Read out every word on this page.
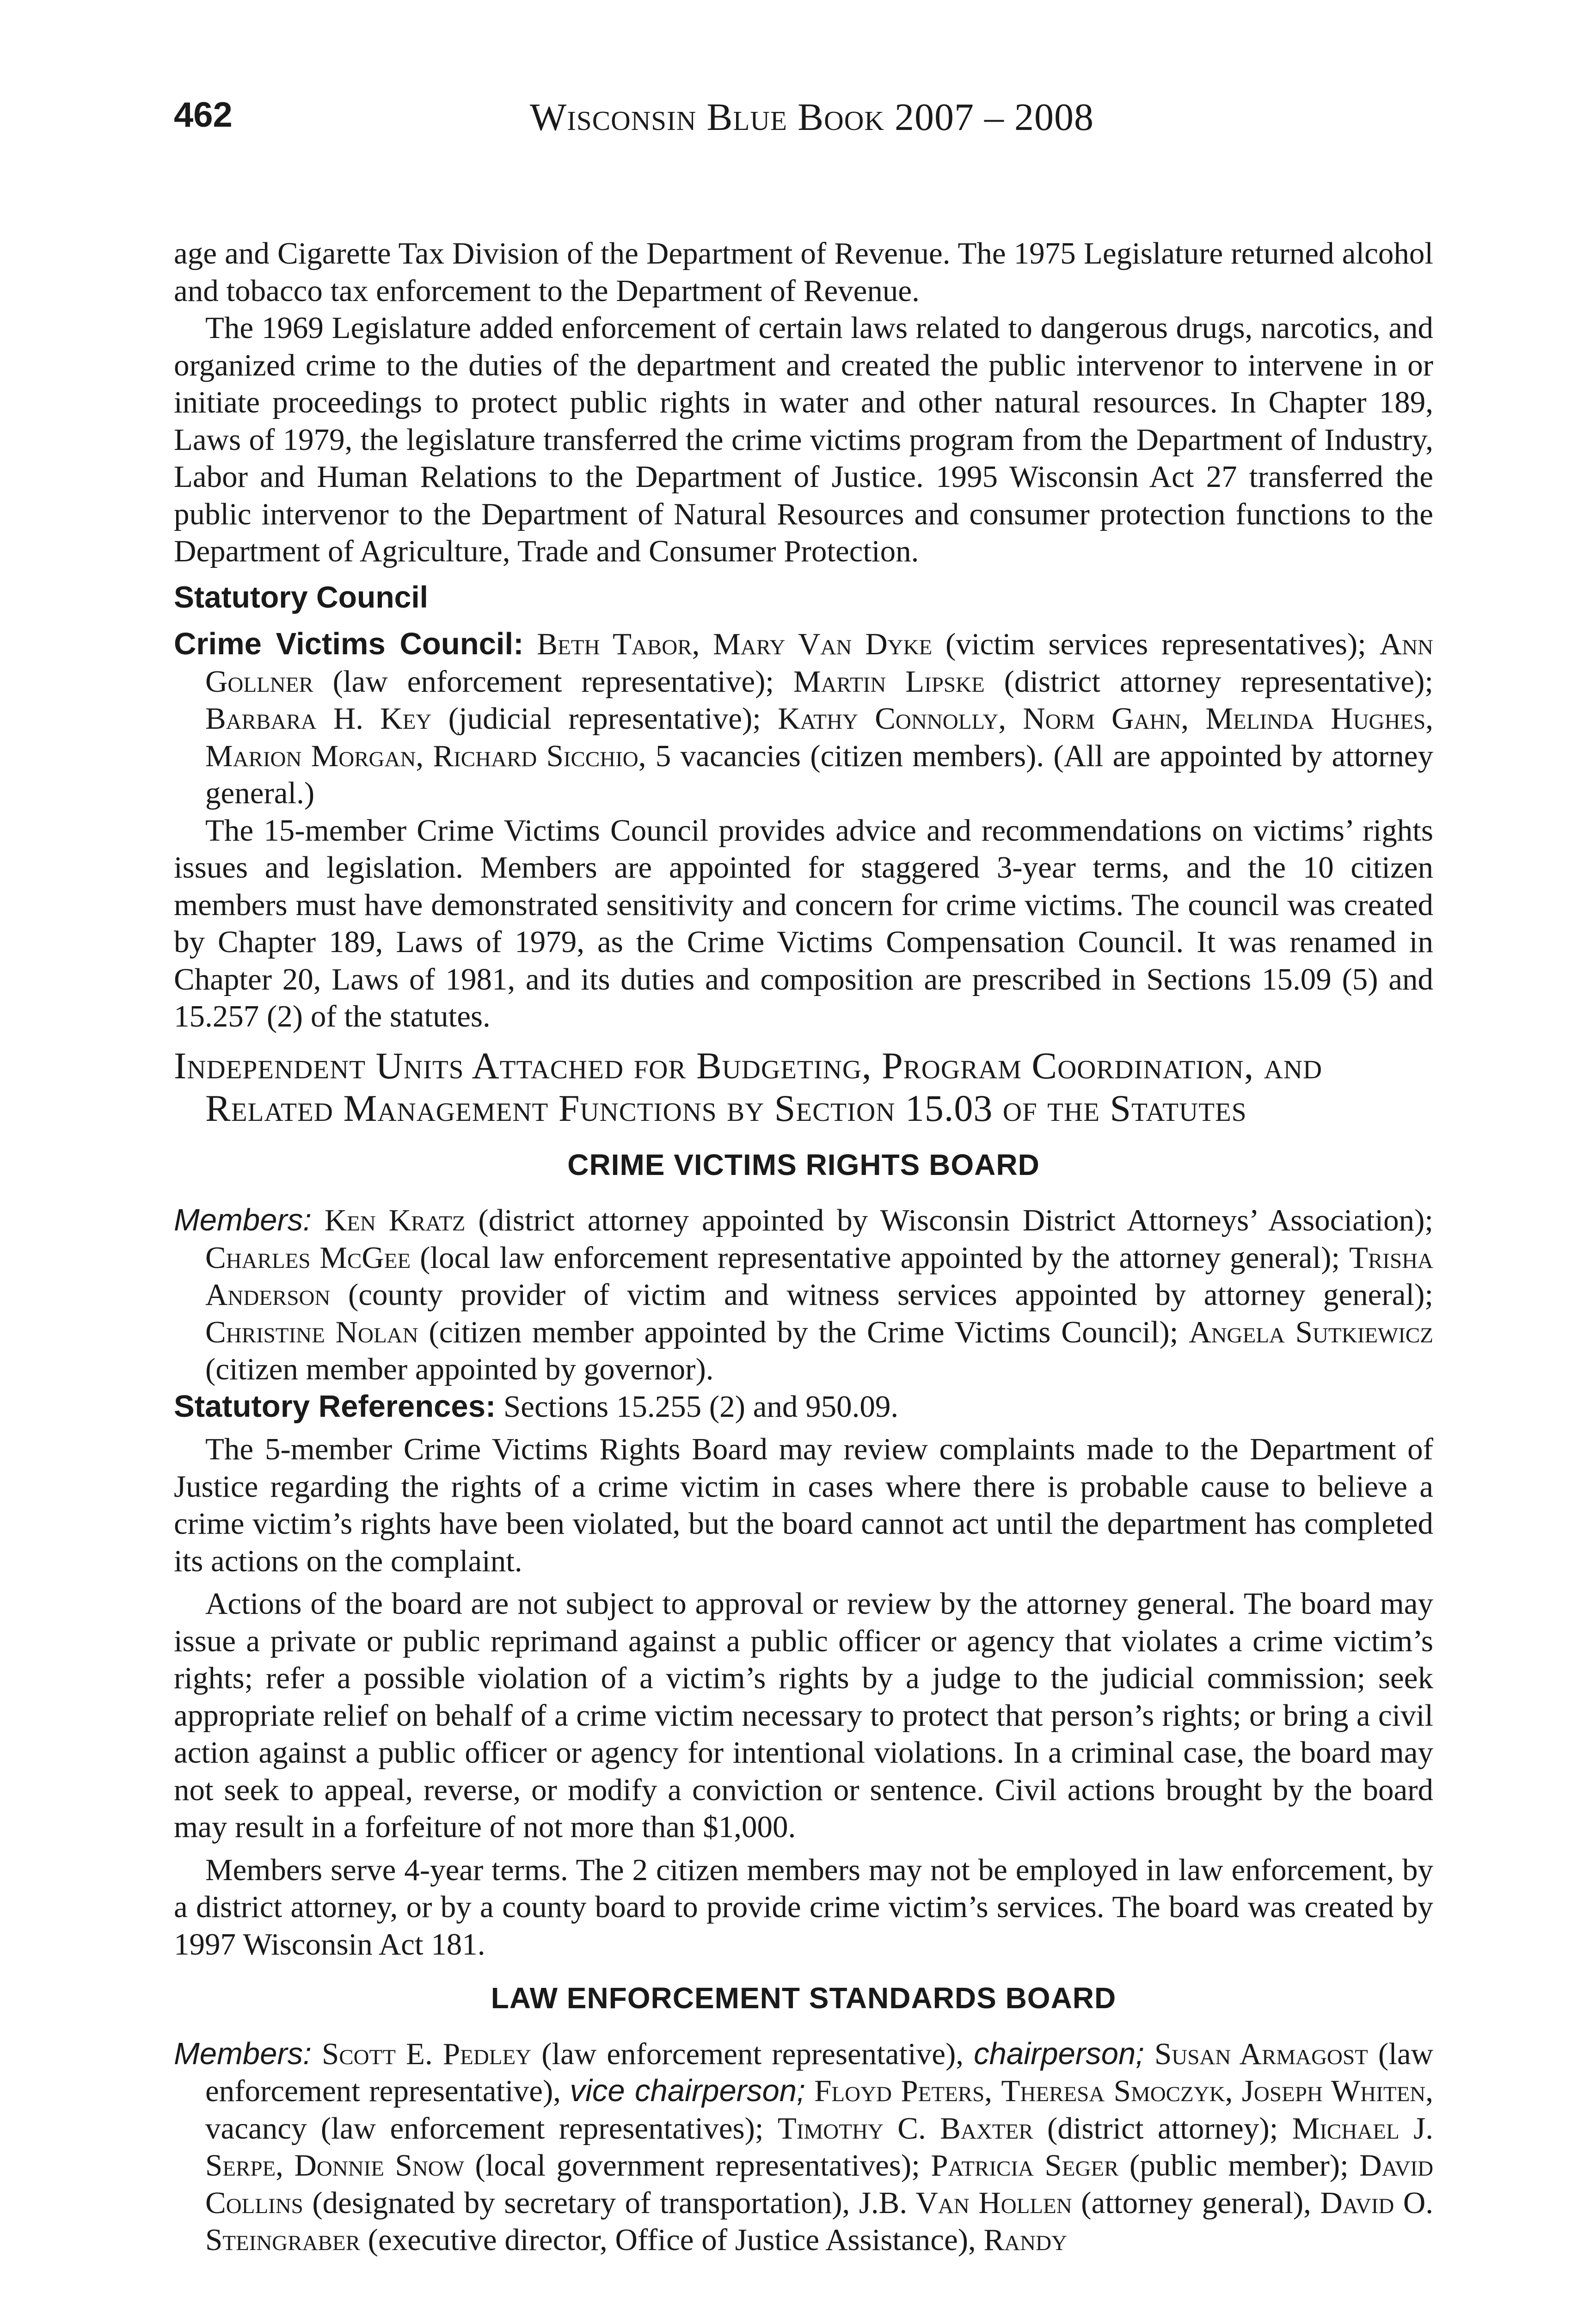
462	Wisconsin Blue Book 2007 – 2008

age and Cigarette Tax Division of the Department of Revenue. The 1975 Legislature returned alcohol and tobacco tax enforcement to the Department of Revenue.

The 1969 Legislature added enforcement of certain laws related to dangerous drugs, narcotics, and organized crime to the duties of the department and created the public intervenor to intervene in or initiate proceedings to protect public rights in water and other natural resources. In Chapter 189, Laws of 1979, the legislature transferred the crime victims program from the Department of Industry, Labor and Human Relations to the Department of Justice. 1995 Wisconsin Act 27 transferred the public intervenor to the Department of Natural Resources and consumer protection functions to the Department of Agriculture, Trade and Consumer Protection.

Statutory Council

Crime Victims Council: Beth Tabor, Mary Van Dyke (victim services representatives); Ann Gollner (law enforcement representative); Martin Lipske (district attorney representative); Barbara H. Key (judicial representative); Kathy Connolly, Norm Gahn, Melinda Hughes, Marion Morgan, Richard Sicchio, 5 vacancies (citizen members). (All are appointed by attorney general.)

The 15-member Crime Victims Council provides advice and recommendations on victims’ rights issues and legislation. Members are appointed for staggered 3-year terms, and the 10 citizen members must have demonstrated sensitivity and concern for crime victims. The council was created by Chapter 189, Laws of 1979, as the Crime Victims Compensation Council. It was renamed in Chapter 20, Laws of 1981, and its duties and composition are prescribed in Sections 15.09 (5) and 15.257 (2) of the statutes.

Independent Units Attached for Budgeting, Program Coordination, and Related Management Functions by Section 15.03 of the Statutes
CRIME VICTIMS RIGHTS BOARD

Members: Ken Kratz (district attorney appointed by Wisconsin District Attorneys’ Association); Charles McGee (local law enforcement representative appointed by the attorney general); Trisha Anderson (county provider of victim and witness services appointed by attorney general); Christine Nolan (citizen member appointed by the Crime Victims Council); Angela Sutkiewicz (citizen member appointed by governor).

Statutory References: Sections 15.255 (2) and 950.09.

The 5-member Crime Victims Rights Board may review complaints made to the Department of Justice regarding the rights of a crime victim in cases where there is probable cause to believe a crime victim’s rights have been violated, but the board cannot act until the department has completed its actions on the complaint.

Actions of the board are not subject to approval or review by the attorney general. The board may issue a private or public reprimand against a public officer or agency that violates a crime victim’s rights; refer a possible violation of a victim’s rights by a judge to the judicial commission; seek appropriate relief on behalf of a crime victim necessary to protect that person’s rights; or bring a civil action against a public officer or agency for intentional violations. In a criminal case, the board may not seek to appeal, reverse, or modify a conviction or sentence. Civil actions brought by the board may result in a forfeiture of not more than $1,000.

Members serve 4-year terms. The 2 citizen members may not be employed in law enforcement, by a district attorney, or by a county board to provide crime victim’s services. The board was created by 1997 Wisconsin Act 181.

LAW ENFORCEMENT STANDARDS BOARD

Members: Scott E. Pedley (law enforcement representative), chairperson; Susan Armagost (law enforcement representative), vice chairperson; Floyd Peters, Theresa Smoczyk, Joseph Whiten, vacancy (law enforcement representatives); Timothy C. Baxter (district attorney); Michael J. Serpe, Donnie Snow (local government representatives); Patricia Seger (public member); David Collins (designated by secretary of transportation), J.B. Van Hollen (attorney general), David O. Steingraber (executive director, Office of Justice Assistance), Randy
